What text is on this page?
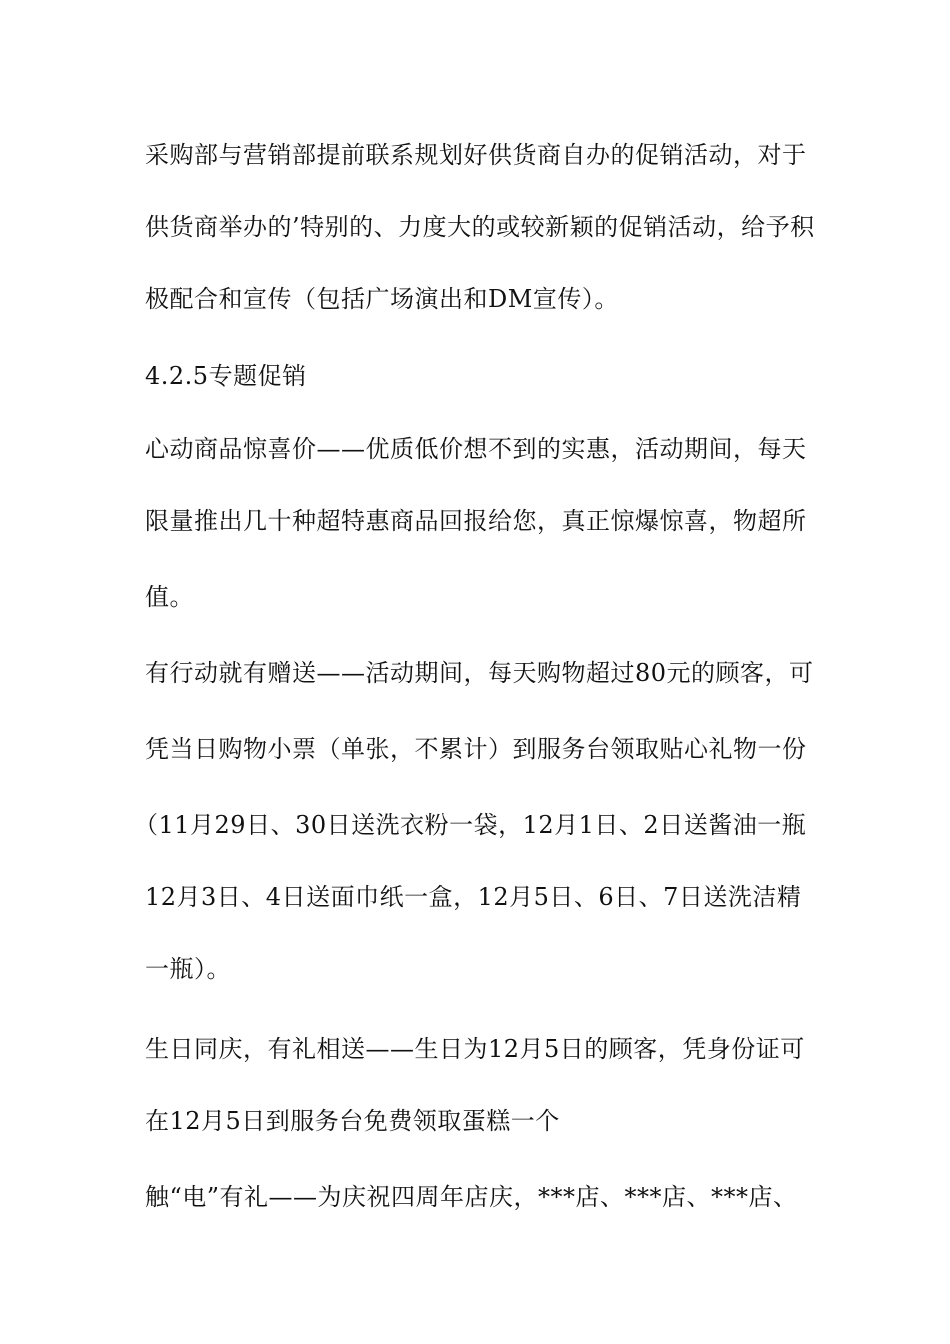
采购部与营销部提前联系规划好供货商自办的促销活动，对于
供货商举办的’特别的、力度大的或较新颖的促销活动，给予积
极配合和宣传（包括广场演出和DM宣传）。
4.2.5专题促销
心动商品惊喜价——优质低价想不到的实惠，活动期间，每天
限量推出几十种超特惠商品回报给您，真正惊爆惊喜，物超所
值。
有行动就有赠送——活动期间，每天购物超过80元的顾客，可
凭当日购物小票（单张，不累计）到服务台领取贴心礼物一份
（11月29日、30日送洗衣粉一袋，12月1日、2日送酱油一瓶
12月3日、4日送面巾纸一盒，12月5日、6日、7日送洗洁精
一瓶）。
生日同庆，有礼相送——生日为12月5日的顾客，凭身份证可
在12月5日到服务台免费领取蛋糕一个
触“电”有礼——为庆祝四周年店庆，***店、***店、***店、
